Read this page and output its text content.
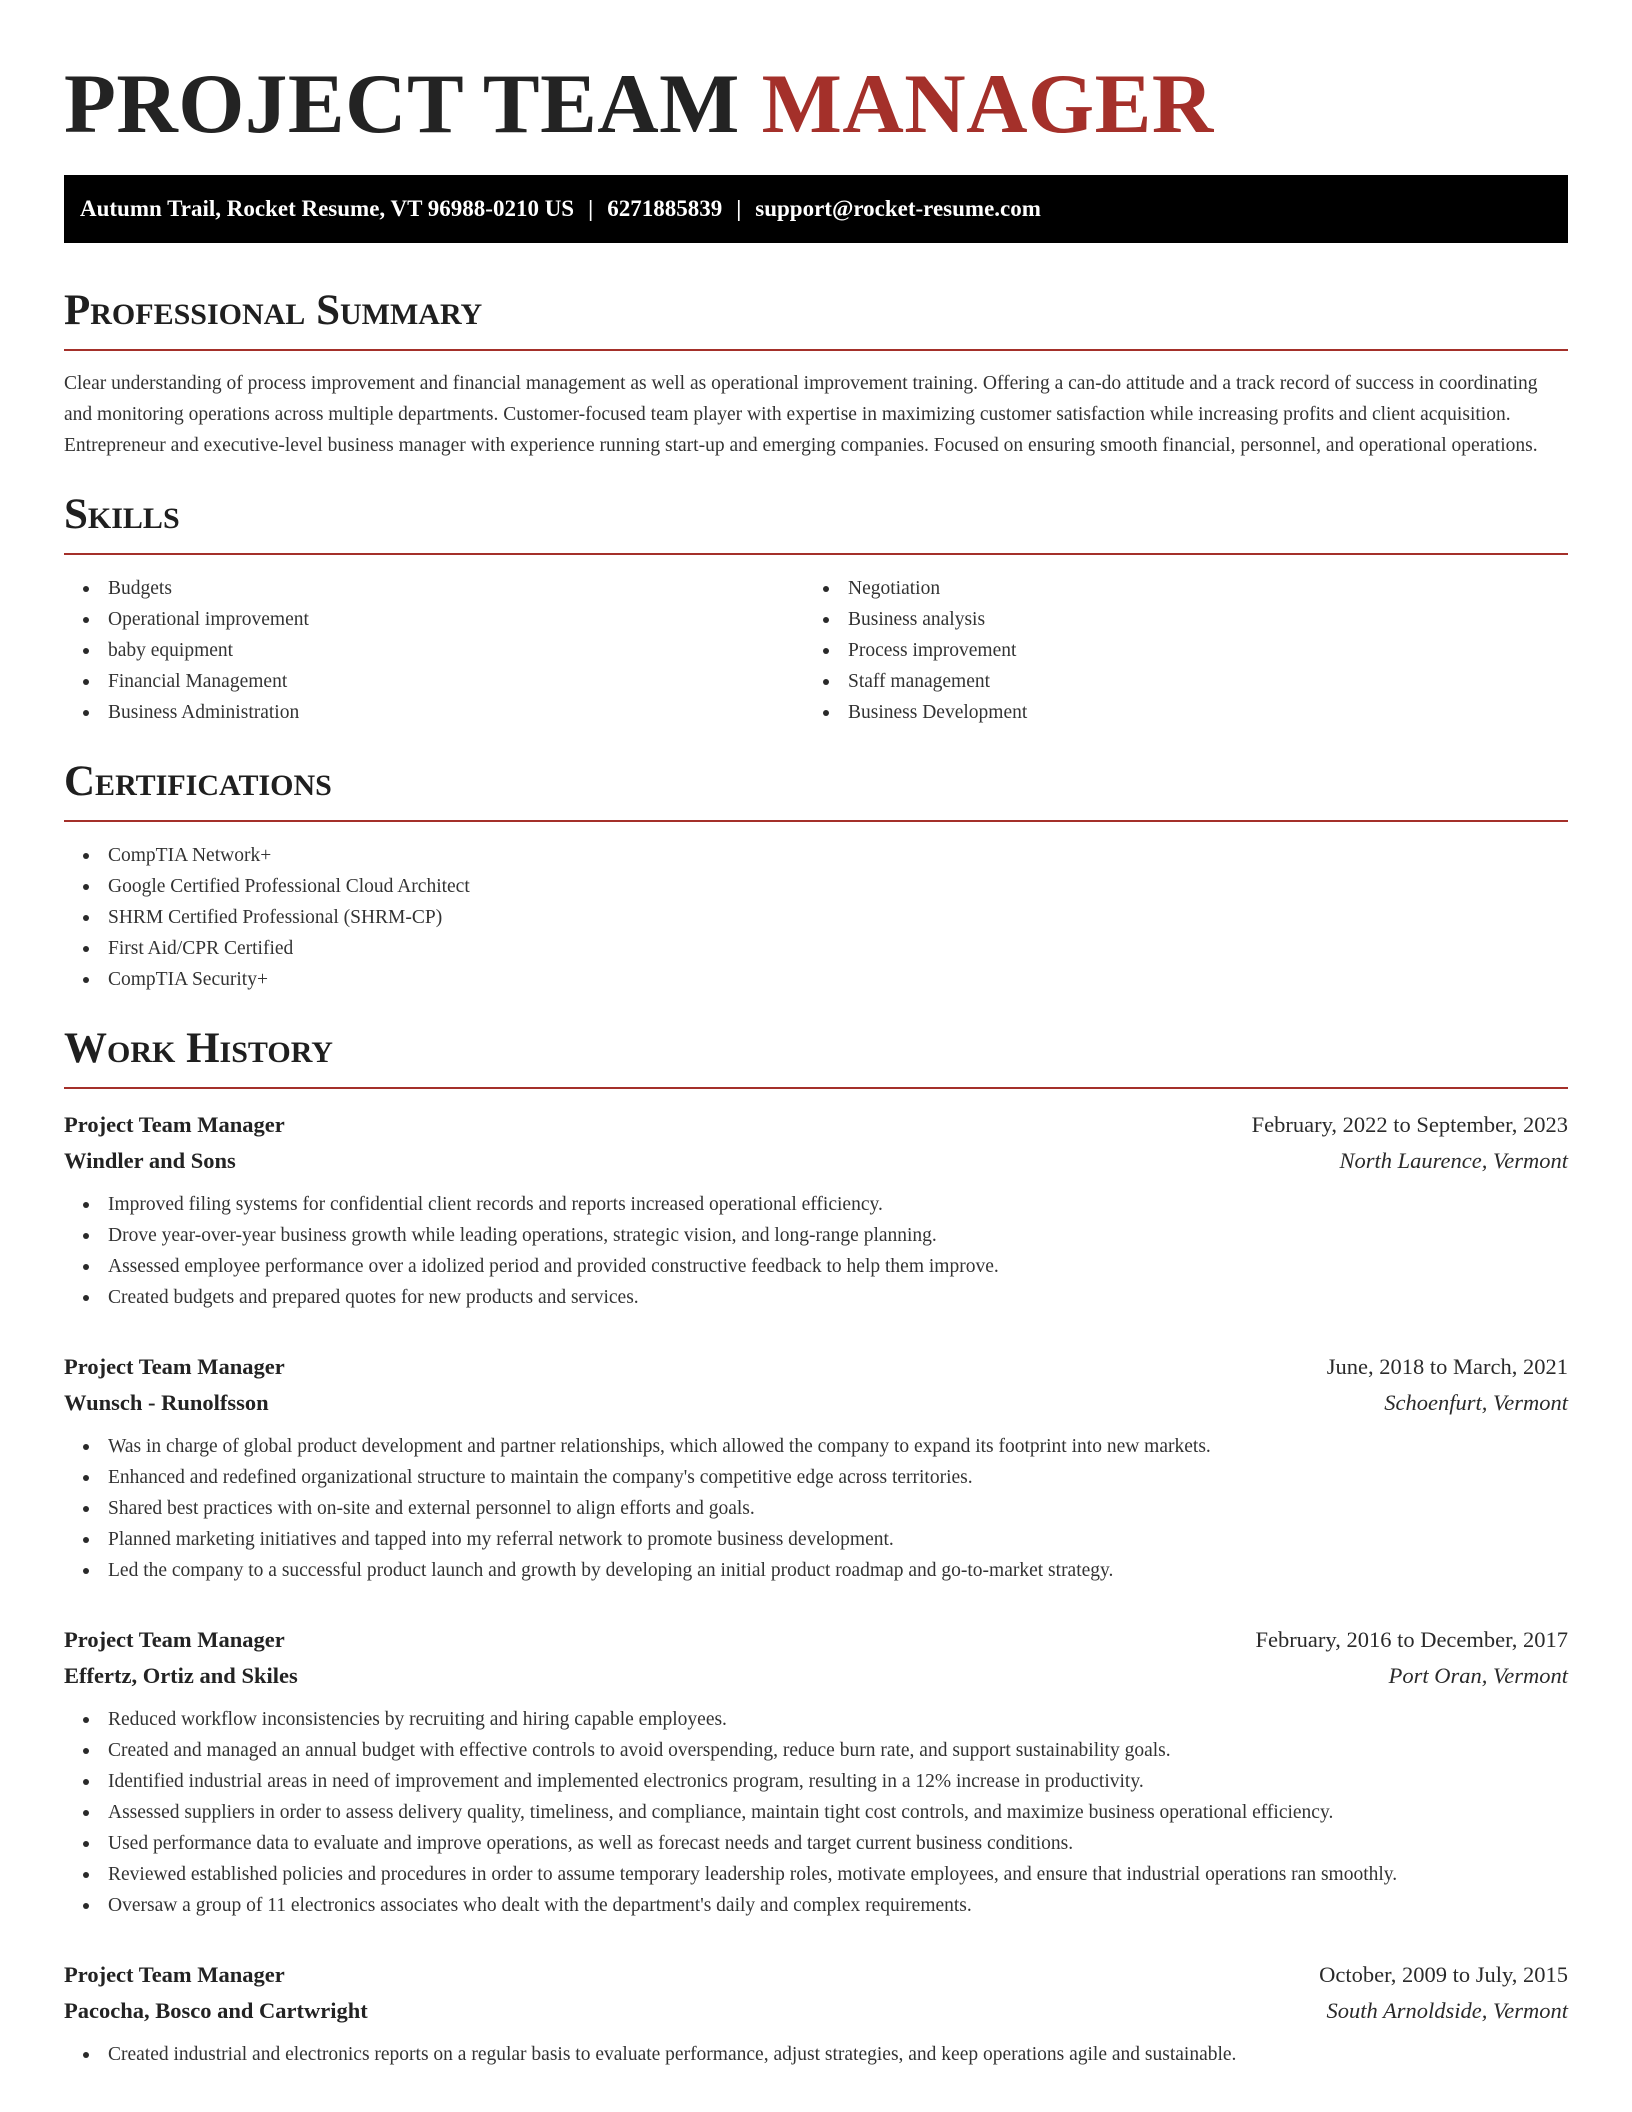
PROJECT TEAM MANAGER
Autumn Trail, Rocket Resume, VT 96988-0210 US | 6271885839 | support@rocket-resume.com
Professional Summary

Clear understanding of process improvement and financial management as well as operational improvement training. Offering a can-do attitude and a track record of success in coordinating and monitoring operations across multiple departments. Customer-focused team player with expertise in maximizing customer satisfaction while increasing profits and client acquisition. Entrepreneur and executive-level business manager with experience running start-up and emerging companies. Focused on ensuring smooth financial, personnel, and operational operations.

Skills
Budgets
Operational improvement
baby equipment
Financial Management
Business Administration
Negotiation
Business analysis
Process improvement
Staff management
Business Development
Certifications
CompTIA Network+
Google Certified Professional Cloud Architect
SHRM Certified Professional (SHRM-CP)
First Aid/CPR Certified
CompTIA Security+
Work History
Project Team Manager	February, 2022 to September, 2023
Windler and Sons	North Laurence, Vermont
Improved filing systems for confidential client records and reports increased operational efficiency.
Drove year-over-year business growth while leading operations, strategic vision, and long-range planning.
Assessed employee performance over a idolized period and provided constructive feedback to help them improve.
Created budgets and prepared quotes for new products and services.
Project Team Manager	June, 2018 to March, 2021
Wunsch - Runolfsson	Schoenfurt, Vermont
Was in charge of global product development and partner relationships, which allowed the company to expand its footprint into new markets.
Enhanced and redefined organizational structure to maintain the company's competitive edge across territories.
Shared best practices with on-site and external personnel to align efforts and goals.
Planned marketing initiatives and tapped into my referral network to promote business development.
Led the company to a successful product launch and growth by developing an initial product roadmap and go-to-market strategy.
Project Team Manager	February, 2016 to December, 2017
Effertz, Ortiz and Skiles	Port Oran, Vermont
Reduced workflow inconsistencies by recruiting and hiring capable employees.
Created and managed an annual budget with effective controls to avoid overspending, reduce burn rate, and support sustainability goals.
Identified industrial areas in need of improvement and implemented electronics program, resulting in a 12% increase in productivity.
Assessed suppliers in order to assess delivery quality, timeliness, and compliance, maintain tight cost controls, and maximize business operational efficiency.
Used performance data to evaluate and improve operations, as well as forecast needs and target current business conditions.
Reviewed established policies and procedures in order to assume temporary leadership roles, motivate employees, and ensure that industrial operations ran smoothly.
Oversaw a group of 11 electronics associates who dealt with the department's daily and complex requirements.
Project Team Manager	October, 2009 to July, 2015
Pacocha, Bosco and Cartwright	South Arnoldside, Vermont
Created industrial and electronics reports on a regular basis to evaluate performance, adjust strategies, and keep operations agile and sustainable.
